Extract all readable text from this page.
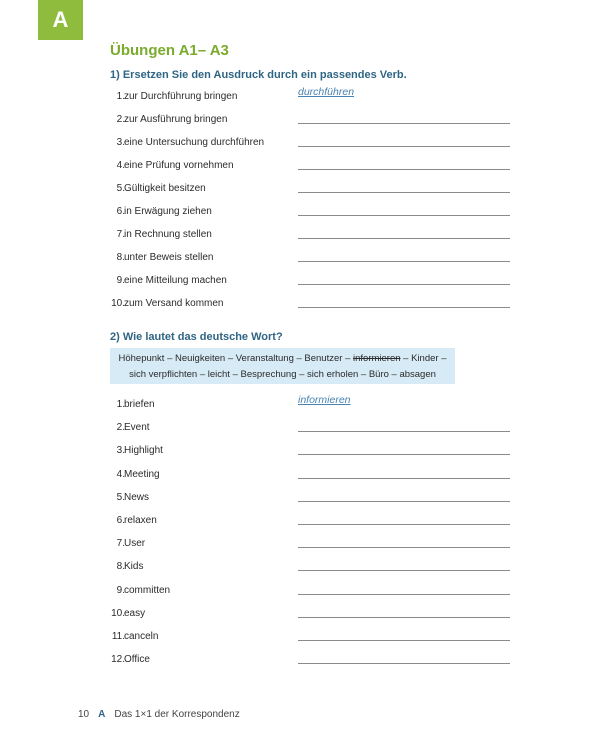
A
Übungen A1– A3
1) Ersetzen Sie den Ausdruck durch ein passendes Verb.
1. zur Durchführung bringen	durchführen
2. zur Ausführung bringen
3. eine Untersuchung durchführen
4. eine Prüfung vornehmen
5. Gültigkeit besitzen
6. in Erwägung ziehen
7. in Rechnung stellen
8. unter Beweis stellen
9. eine Mitteilung machen
10. zum Versand kommen
2) Wie lautet das deutsche Wort?
Höhepunkt – Neuigkeiten – Veranstaltung – Benutzer – informieren – Kinder –
sich verpflichten – leicht – Besprechung – sich erholen – Büro – absagen
1. briefen	informieren
2. Event
3. Highlight
4. Meeting
5. News
6. relaxen
7. User
8. Kids
9. committen
10. easy
11. canceln
12. Office
10 A Das 1×1 der Korrespondenz
